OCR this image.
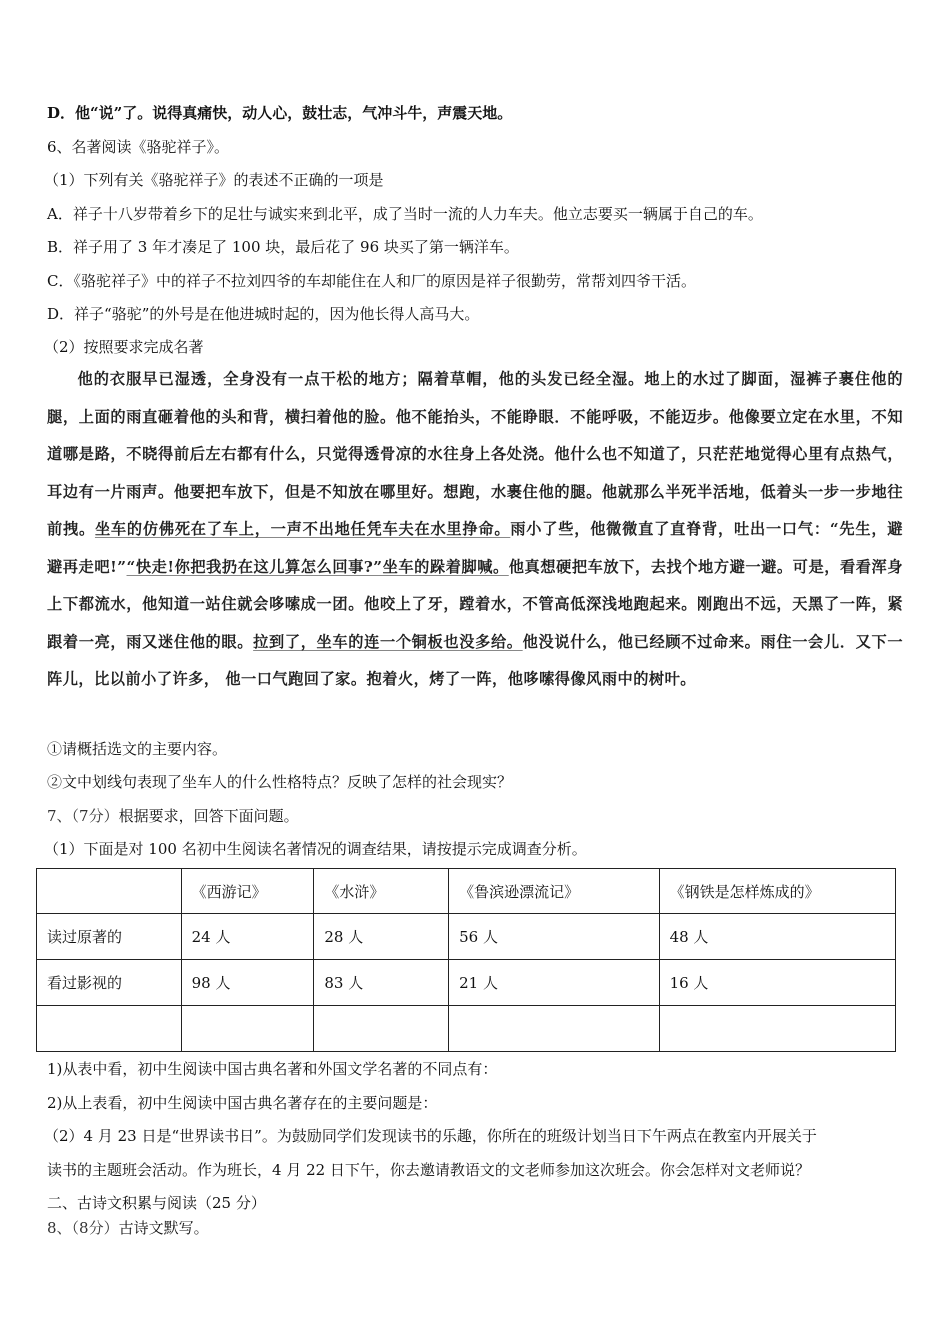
D．他“说”了。说得真痛快，动人心，鼓壮志，气冲斗牛，声震天地。
6、名著阅读《骆驼祥子》。
（1）下列有关《骆驼祥子》的表述不正确的一项是
A．祥子十八岁带着乡下的足壮与诚实来到北平，成了当时一流的人力车夫。他立志要买一辆属于自己的车。
B．祥子用了 3 年才凑足了 100 块，最后花了 96 块买了第一辆洋车。
C．《骆驼祥子》中的祥子不拉刘四爷的车却能住在人和厂的原因是祥子很勤劳，常帮刘四爷干活。
D．祥子“骆驼”的外号是在他进城时起的，因为他长得人高马大。
（2）按照要求完成名著
他的衣服早已湿透，全身没有一点干松的地方；隔着草帽，他的头发已经全湿。地上的水过了脚面，湿裤子裹住他的腿，上面的雨直砸着他的头和背，横扫着他的脸。他不能抬头，不能睁眼．不能呼吸，不能迈步。他像要立定在水里，不知道哪是路，不晓得前后左右都有什么，只觉得透骨凉的水往身上各处浇。他什么也不知道了，只茫茫地觉得心里有点热气，耳边有一片雨声。他要把车放下，但是不知放在哪里好。想跑，水裹住他的腿。他就那么半死半活地，低着头一步一步地往前拽。坐车的仿佛死在了车上，一声不出地任凭车夫在水里挣命。雨小了些，他微微直了直脊背，吐出一口气：“先生，避避再走吧!”“快走!你把我扔在这儿算怎么回事?”坐车的跺着脚喊。他真想硬把车放下，去找个地方避一避。可是，看看浑身上下都流水，他知道一站住就会哆嗦成一团。他咬上了牙，蹚着水，不管高低深浅地跑起来。刚跑出不远，天黑了一阵，紧跟着一亮，雨又迷住他的眼。拉到了，坐车的连一个铜板也没多给。他没说什么，他已经顾不过命来。雨住一会儿．又下一阵儿，比以前小了许多， 他一口气跑回了家。抱着火，烤了一阵，他哆嗦得像风雨中的树叶。
①请概括选文的主要内容。
②文中划线句表现了坐车人的什么性格特点？反映了怎样的社会现实？
7、（7分）根据要求，回答下面问题。
（1）下面是对 100 名初中生阅读名著情况的调查结果，请按提示完成调查分析。
	《西游记》	《水浒》	《鲁滨逊漂流记》	《钢铁是怎样炼成的》
读过原著的	24 人	28 人	56 人	48 人
看过影视的	98 人	83 人	21 人	16 人

1)从表中看，初中生阅读中国古典名著和外国文学名著的不同点有：
2)从上表看，初中生阅读中国古典名著存在的主要问题是：
（2）4 月 23 日是“世界读书日”。为鼓励同学们发现读书的乐趣，你所在的班级计划当日下午两点在教室内开展关于
读书的主题班会活动。作为班长，4 月 22 日下午，你去邀请教语文的文老师参加这次班会。你会怎样对文老师说？
二、古诗文积累与阅读（25 分）
8、（8分）古诗文默写。
